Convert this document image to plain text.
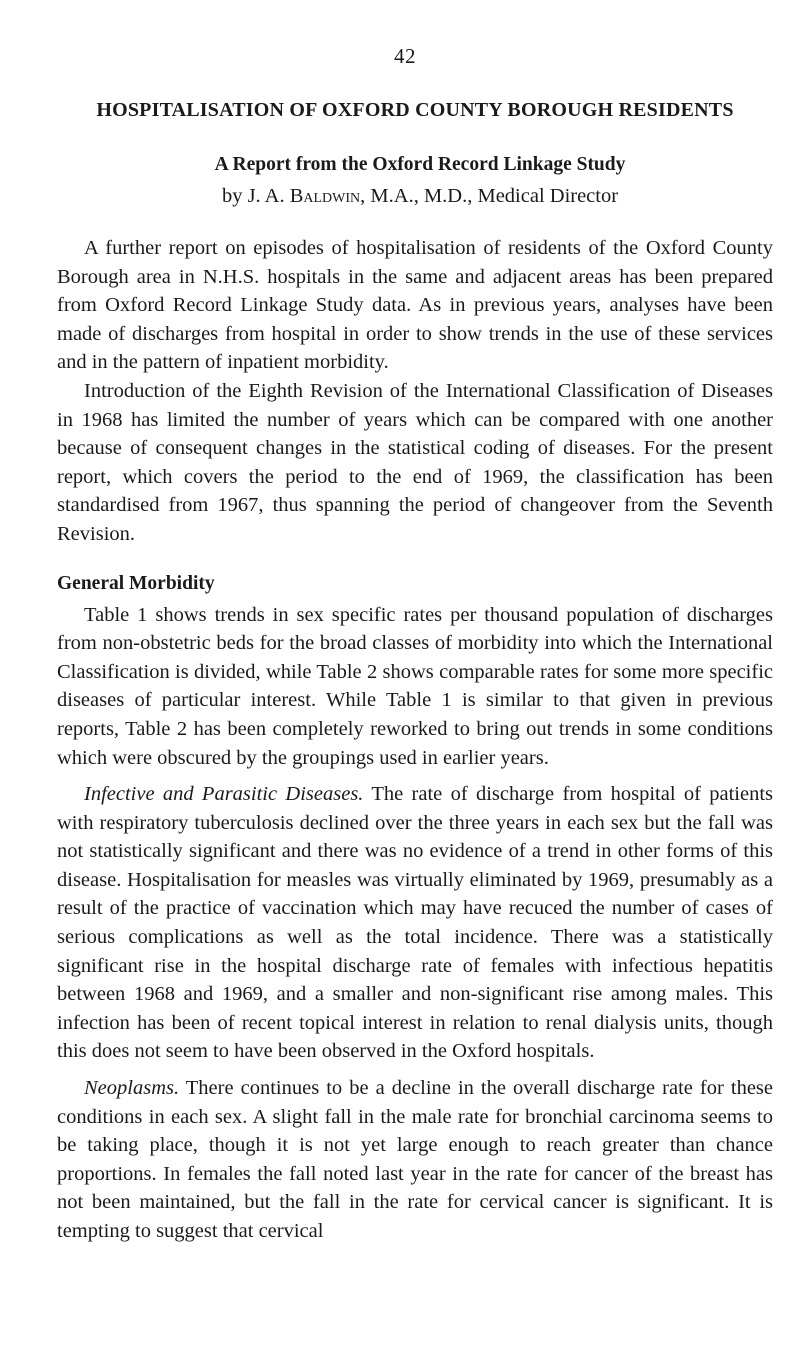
42
HOSPITALISATION OF OXFORD COUNTY BOROUGH RESIDENTS
A Report from the Oxford Record Linkage Study
by J. A. Baldwin, M.A., M.D., Medical Director

A further report on episodes of hospitalisation of residents of the Oxford County Borough area in N.H.S. hospitals in the same and adjacent areas has been prepared from Oxford Record Linkage Study data. As in previous years, analyses have been made of discharges from hospital in order to show trends in the use of these services and in the pattern of inpatient morbidity.

Introduction of the Eighth Revision of the International Classification of Diseases in 1968 has limited the number of years which can be compared with one another because of consequent changes in the statistical coding of diseases. For the present report, which covers the period to the end of 1969, the classification has been standardised from 1967, thus spanning the period of changeover from the Seventh Revision.

General Morbidity

Table 1 shows trends in sex specific rates per thousand population of discharges from non-obstetric beds for the broad classes of morbidity into which the International Classification is divided, while Table 2 shows comparable rates for some more specific diseases of particular interest. While Table 1 is similar to that given in previous reports, Table 2 has been completely reworked to bring out trends in some conditions which were obscured by the groupings used in earlier years.

Infective and Parasitic Diseases. The rate of discharge from hospital of patients with respiratory tuberculosis declined over the three years in each sex but the fall was not statistically significant and there was no evidence of a trend in other forms of this disease. Hospitalisation for measles was virtually eliminated by 1969, presumably as a result of the practice of vaccination which may have recuced the number of cases of serious complications as well as the total incidence. There was a statistically significant rise in the hospital discharge rate of females with infectious hepatitis between 1968 and 1969, and a smaller and non-significant rise among males. This infection has been of recent topical interest in relation to renal dialysis units, though this does not seem to have been observed in the Oxford hospitals.

Neoplasms. There continues to be a decline in the overall discharge rate for these conditions in each sex. A slight fall in the male rate for bronchial carcinoma seems to be taking place, though it is not yet large enough to reach greater than chance proportions. In females the fall noted last year in the rate for cancer of the breast has not been maintained, but the fall in the rate for cervical cancer is significant. It is tempting to suggest that cervical
